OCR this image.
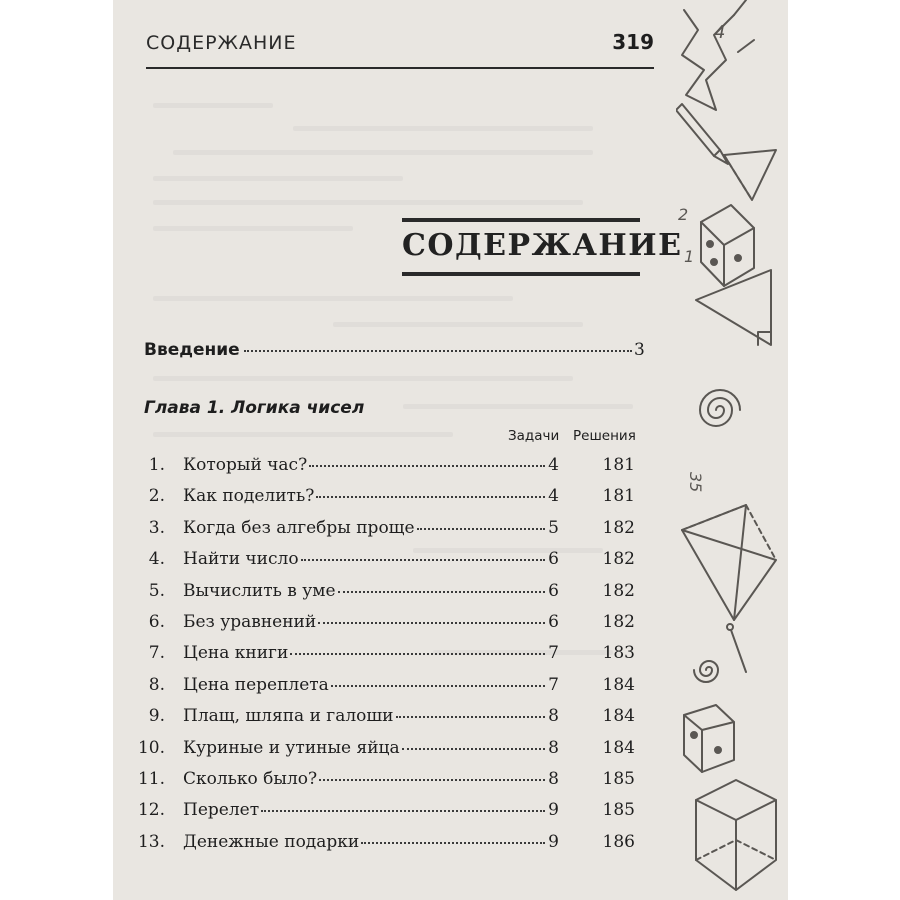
СОДЕРЖАНИЕ	319
СОДЕРЖАНИЕ
Введение	3
Глава 1. Логика чисел
Задачи Решения
1. Который час?	4	181
2. Как поделить?	4	181
3. Когда без алгебры проще	5	182
4. Найти число	6	182
5. Вычислить в уме	6	182
6. Без уравнений	6	182
7. Цена книги	7	183
8. Цена переплета	7	184
9. Плащ, шляпа и галоши	8	184
10. Куриные и утиные яйца	8	184
11. Сколько было?	8	185
12. Перелет	9	185
13. Денежные подарки	9	186
4
2
1
35
